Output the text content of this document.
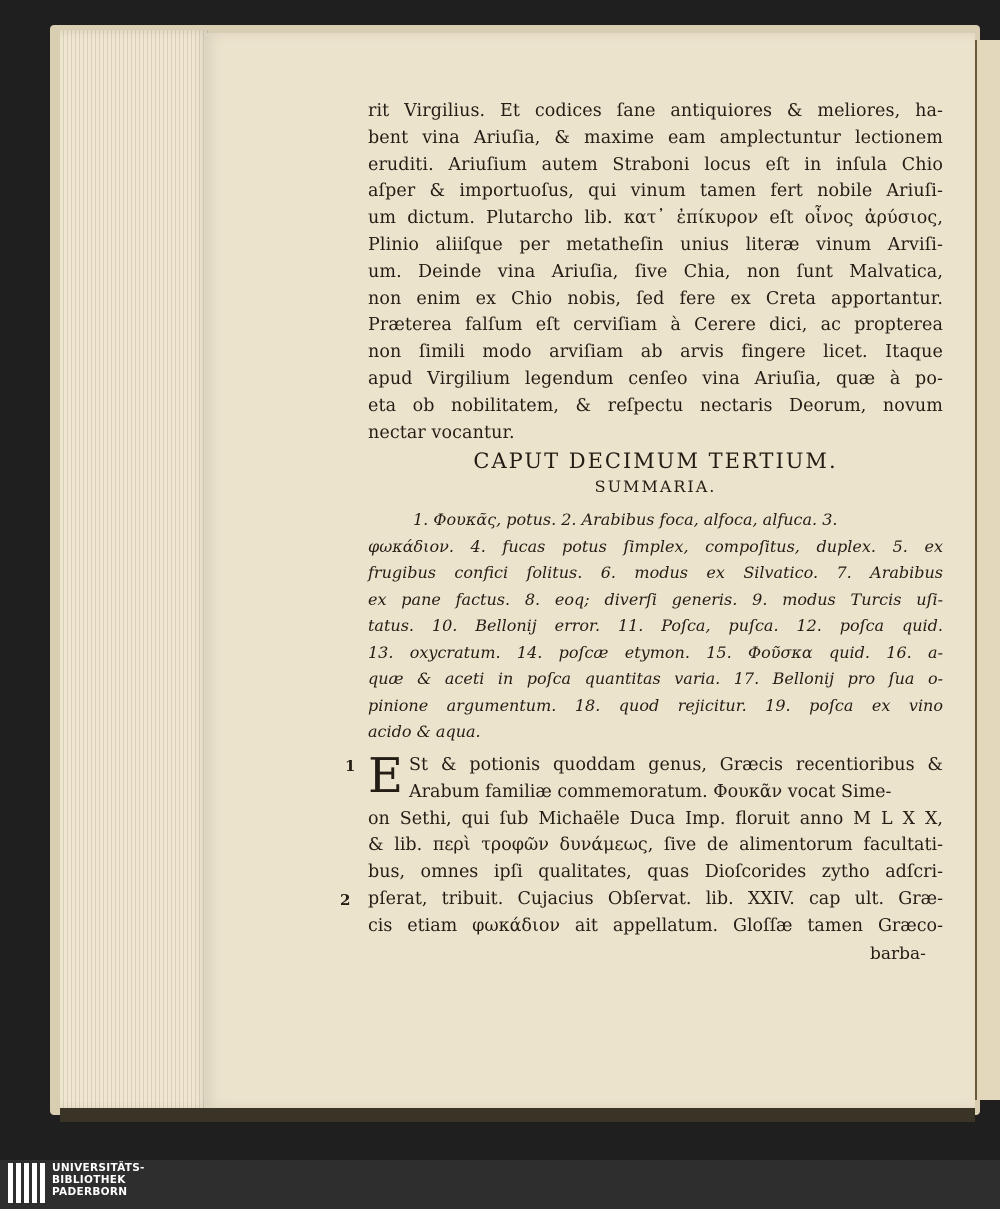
rit Virgilius. Et codices ſane antiquiores & meliores, ha-
bent vina Ariuſia, & maxime eam amplectuntur lectionem
eruditi. Ariuſium autem Straboni locus eſt in inſula Chio
aſper & importuoſus, qui vinum tamen fert nobile Ariuſi-
um dictum. Plutarcho lib. κατ᾽ ἐπίκυρον eſt οἶνος ἀρύσιος,
Plinio aliiſque per metatheſin unius literæ vinum Arviſi-
um. Deinde vina Ariuſia, ſive Chia, non ſunt Malvatica,
non enim ex Chio nobis, ſed fere ex Creta apportantur.
Præterea falſum eſt cerviſiam à Cerere dici, ac propterea
non ſimili modo arviſiam ab arvis fingere licet. Itaque
apud Virgilium legendum cenſeo vina Ariuſia, quæ à po-
eta ob nobilitatem, & reſpectu nectaris Deorum, novum
nectar vocantur.
CAPUT DECIMUM TERTIUM.
SUMMARIA.
1. Φουκᾶς, potus. 2. Arabibus foca, alfoca, alfuca. 3.
φωκάδιον. 4. fucas potus ſimplex, compoſitus, duplex. 5. ex
frugibus confici ſolitus. 6. modus ex Silvatico. 7. Arabibus
ex pane factus. 8. eoq; diverſi generis. 9. modus Turcis uſi-
tatus. 10. Bellonij error. 11. Poſca, puſca. 12. poſca quid.
13. oxycratum. 14. poſcæ etymon. 15. Φοῦσκα quid. 16. a-
quæ & aceti in poſca quantitas varia. 17. Bellonij pro ſua o-
pinione argumentum. 18. quod rejicitur. 19. poſca ex vino
acido & aqua.
1
2
E St & potionis quoddam genus, Græcis recentioribus &
Arabum familiæ commemoratum. Φουκᾶν vocat Sime-
on Sethi, qui ſub Michaële Duca Imp. floruit anno M L X X,
& lib. περὶ τροφῶν δυνάμεως, ſive de alimentorum facultati-
bus, omnes ipſi qualitates, quas Dioſcorides zytho adſcri-
pſerat, tribuit. Cujacius Obſervat. lib. XXIV. cap ult. Græ-
cis etiam φωκάδιον ait appellatum. Gloſſæ tamen Græco-
barba-
UNIVERSITÄTS-
BIBLIOTHEK
PADERBORN
